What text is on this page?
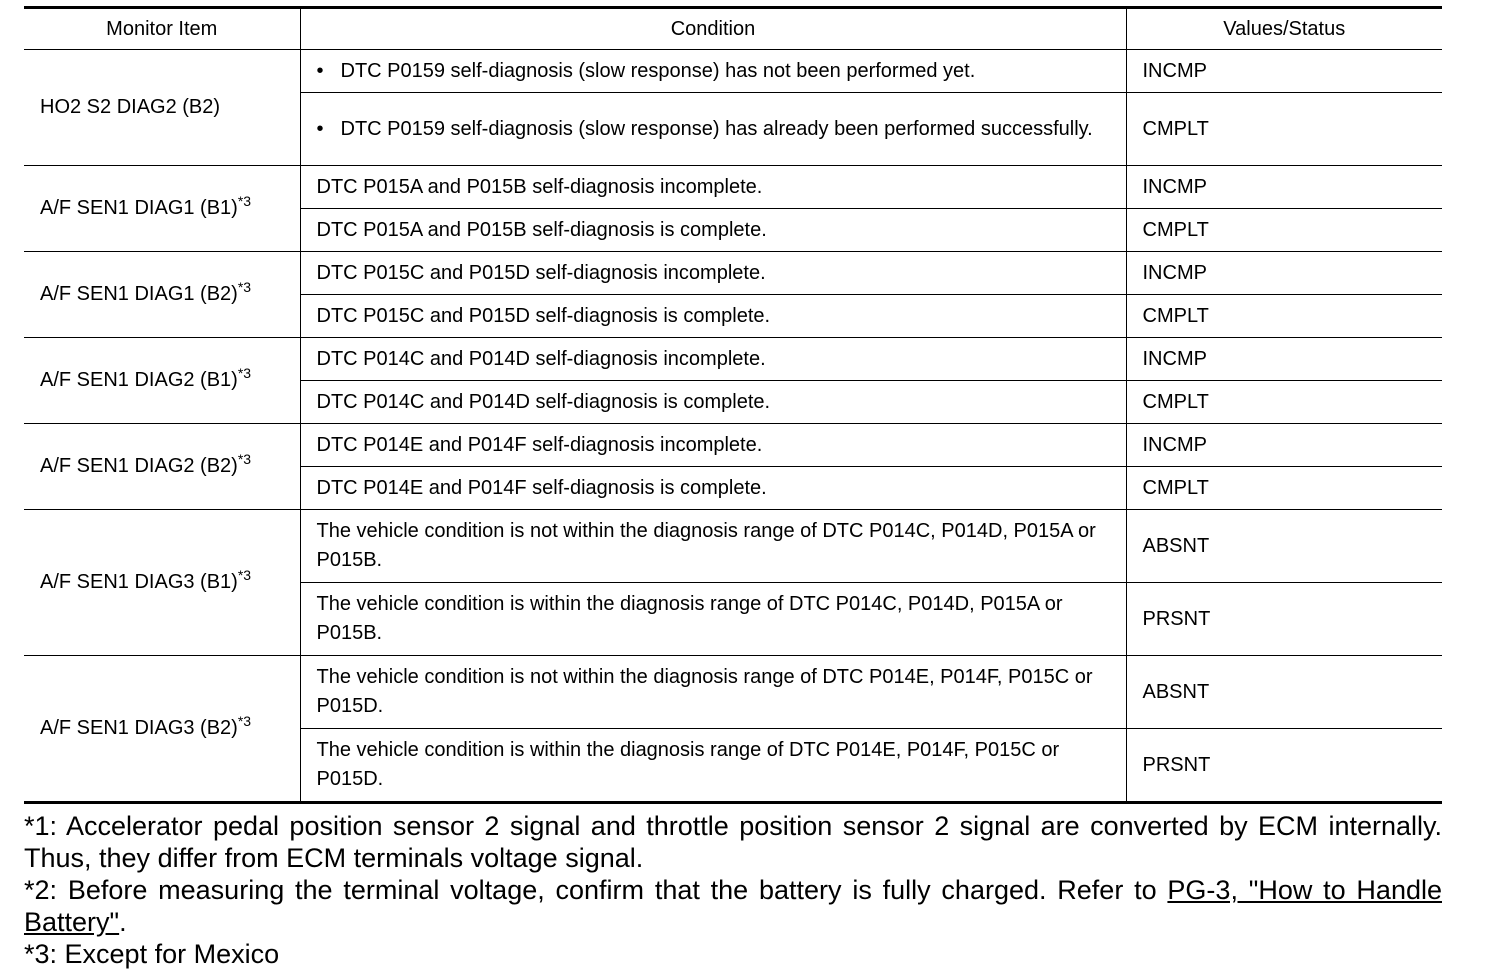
Monitor Item	Condition	Values/Status
HO2 S2 DIAG2 (B2)	• DTC P0159 self-diagnosis (slow response) has not been performed yet.	INCMP

	• DTC P0159 self-diagnosis (slow response) has already been performed successfully.	CMPLT
A/F SEN1 DIAG1 (B1)$^{*3}$	DTC P015A and P015B self-diagnosis incomplete.	INCMP
	DTC P015A and P015B self-diagnosis is complete.	CMPLT
A/F SEN1 DIAG1 (B2)$^{*3}$	DTC P015C and P015D self-diagnosis incomplete.	INCMP
	DTC P015C and P015D self-diagnosis is complete.	CMPLT
A/F SEN1 DIAG2 (B1)$^{*3}$	DTC P014C and P014D self-diagnosis incomplete.	INCMP
	DTC P014C and P014D self-diagnosis is complete.	CMPLT
A/F SEN1 DIAG2 (B2)$^{*3}$	DTC P014E and P014F self-diagnosis incomplete.	INCMP
	DTC P014E and P014F self-diagnosis is complete.	CMPLT
A/F SEN1 DIAG3 (B1)$^{*3}$	The vehicle condition is not within the diagnosis range of DTC P014C, P014D, P015A or P015B.	ABSNT
	The vehicle condition is within the diagnosis range of DTC P014C, P014D, P015A or P015B.	PRSNT
A/F SEN1 DIAG3 (B2)$^{*3}$	The vehicle condition is not within the diagnosis range of DTC P014E, P014F, P015C or P015D.	ABSNT
	The vehicle condition is within the diagnosis range of DTC P014E, P014F, P015C or P015D.	PRSNT

*1: Accelerator pedal position sensor 2 signal and throttle position sensor 2 signal are converted by ECM internally. Thus, they differ from ECM terminals voltage signal.

*2: Before measuring the terminal voltage, confirm that the battery is fully charged. Refer to PG-3, "How to Handle Battery".

*3: Except for Mexico
